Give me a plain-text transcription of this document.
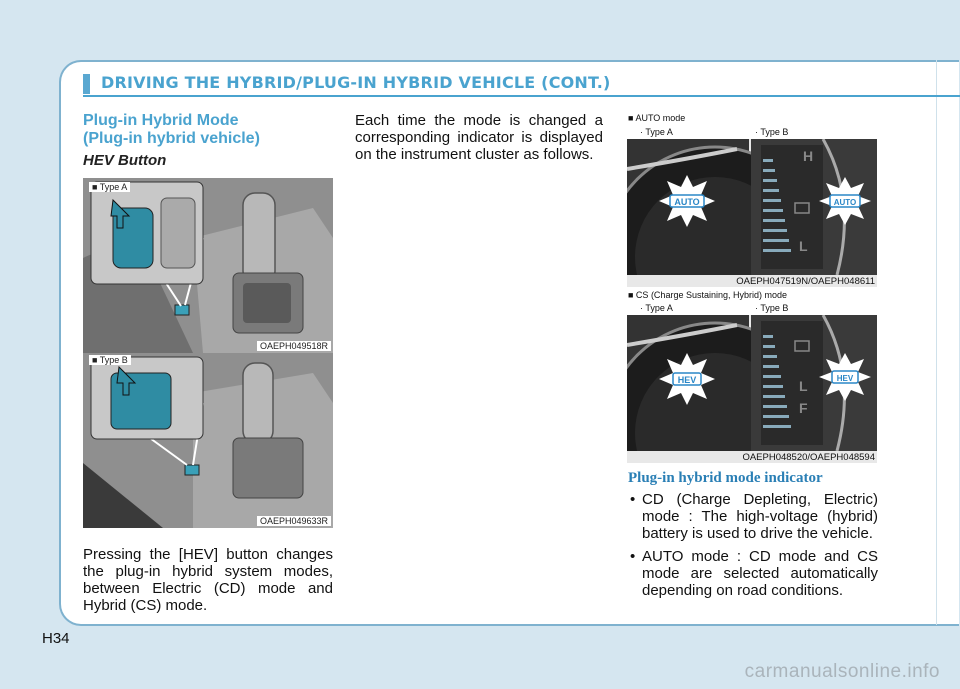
DRIVING THE HYBRID/PLUG-IN HYBRID VEHICLE (CONT.)
Plug-in Hybrid Mode
(Plug-in hybrid vehicle)
HEV Button
■ Type A
OAEPH049518R
■ Type B
OAEPH049633R
Pressing the [HEV] button changes
the plug-in hybrid system modes,
between Electric (CD) mode and
Hybrid (CS) mode.
Each time the mode is changed a
corresponding indicator is displayed
on the instrument cluster as follows.
■ AUTO mode
· Type A	· Type B
AUTO
H
L
AUTO
OAEPH047519N/OAEPH048611
■ CS (Charge Sustaining, Hybrid) mode
· Type A	· Type B
HEV	L
F
HEV
OAEPH048520/OAEPH048594
Plug-in hybrid mode indicator
• CD (Charge Depleting, Electric)
mode : The high-voltage (hybrid)
battery is used to drive the vehicle.
• AUTO mode : CD mode and CS
mode are selected automatically
depending on road conditions.
H34
carmanualsonline.info
